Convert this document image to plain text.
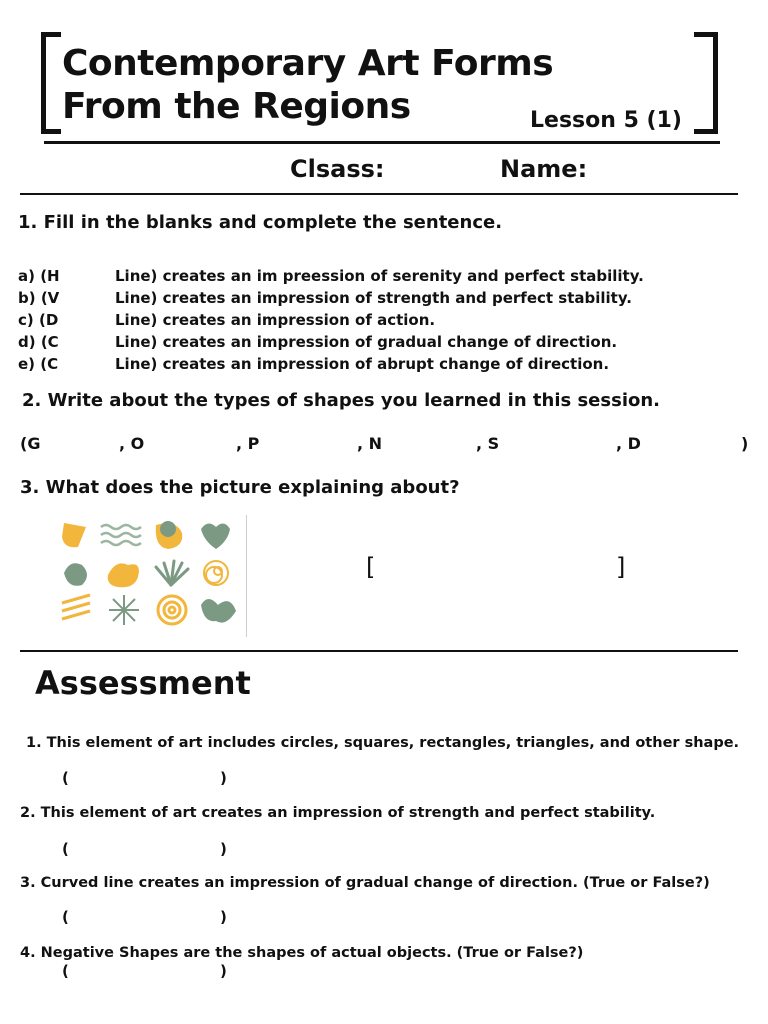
Contemporary Art Forms
From the Regions	Lesson 5 (1)
Clsass:	Name:
1. Fill in the blanks and complete the sentence.
a) (H	Line) creates an im preession of serenity and perfect stability.
b) (V	Line) creates an impression of strength and perfect stability.
c) (D	Line) creates an impression of action.
d) (C	Line) creates an impression of gradual change of direction.
e) (C	Line) creates an impression of abrupt change of direction.
2. Write about the types of shapes you learned in this session.
(G	, O	, P	, N	, S	, D	)
3. What does the picture explaining about?
[	]
Assessment
1. This element of art includes circles, squares, rectangles, triangles, and other shape.
(	)
2. This element of art creates an impression of strength and perfect stability.
(	)
3. Curved line creates an impression of gradual change of direction. (True or False?)
(	)
4. Negative Shapes are the shapes of actual objects. (True or False?)
(	)
